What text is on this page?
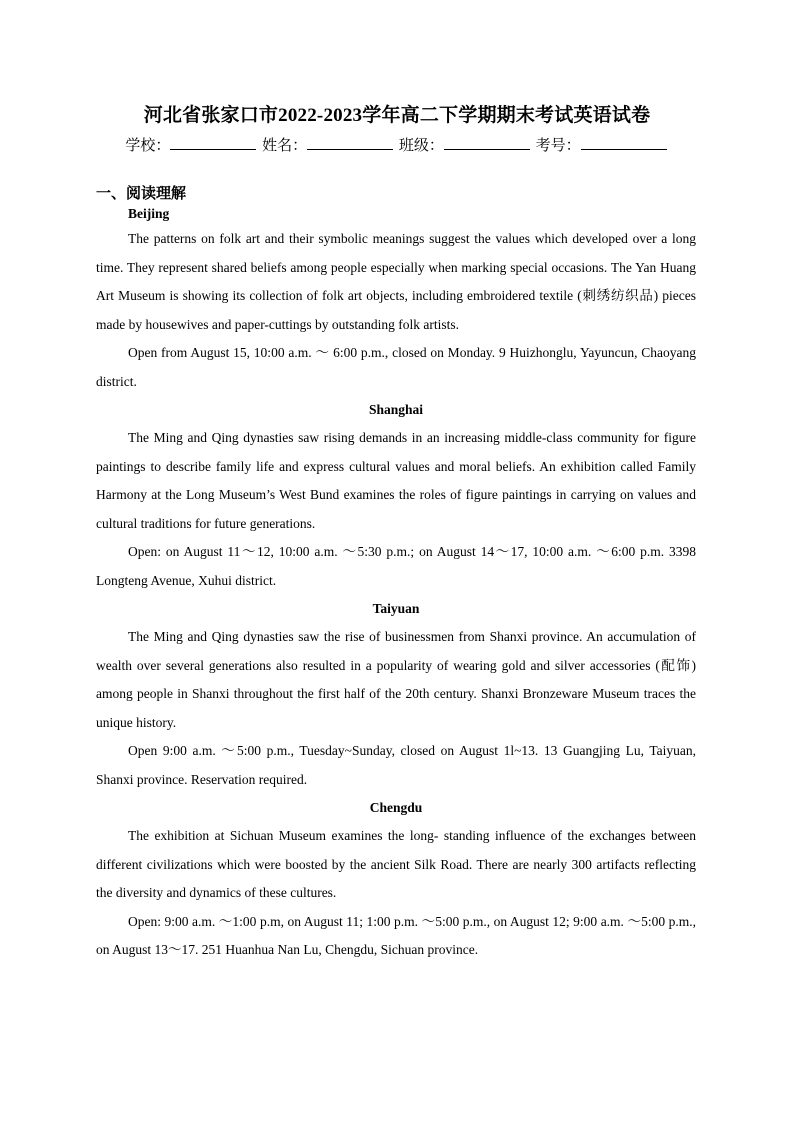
河北省张家口市2022-2023学年高二下学期期末考试英语试卷
学校：	姓名：	班级：	考号：
一、阅读理解
Beijing

The patterns on folk art and their symbolic meanings suggest the values which developed over a long time. They represent shared beliefs among people especially when marking special occasions. The Yan Huang Art Museum is showing its collection of folk art objects, including embroidered textile (刺绣纺织品) pieces made by housewives and paper-cuttings by outstanding folk artists.

Open from August 15, 10:00 a.m. ～ 6:00 p.m., closed on Monday. 9 Huizhonglu, Yayuncun, Chaoyang district.

Shanghai

The Ming and Qing dynasties saw rising demands in an increasing middle-class community for figure paintings to describe family life and express cultural values and moral beliefs. An exhibition called Family Harmony at the Long Museum’s West Bund examines the roles of figure paintings in carrying on values and cultural traditions for future generations.

Open: on August 11～12, 10:00 a.m. ～5:30 p.m.; on August 14～17, 10:00 a.m. ～6:00 p.m. 3398 Longteng Avenue, Xuhui district.

Taiyuan

The Ming and Qing dynasties saw the rise of businessmen from Shanxi province. An accumulation of wealth over several generations also resulted in a popularity of wearing gold and silver accessories (配饰) among people in Shanxi throughout the first half of the 20th century. Shanxi Bronzeware Museum traces the unique history.

Open 9:00 a.m. ～5:00 p.m., Tuesday~Sunday, closed on August 1l~13. 13 Guangjing Lu, Taiyuan, Shanxi province. Reservation required.

Chengdu

The exhibition at Sichuan Museum examines the long- standing influence of the exchanges between different civilizations which were boosted by the ancient Silk Road. There are nearly 300 artifacts reflecting the diversity and dynamics of these cultures.

Open: 9:00 a.m. ～1:00 p.m, on August 11; 1:00 p.m. ～5:00 p.m., on August 12; 9:00 a.m. ～5:00 p.m., on August 13～17. 251 Huanhua Nan Lu, Chengdu, Sichuan province.
